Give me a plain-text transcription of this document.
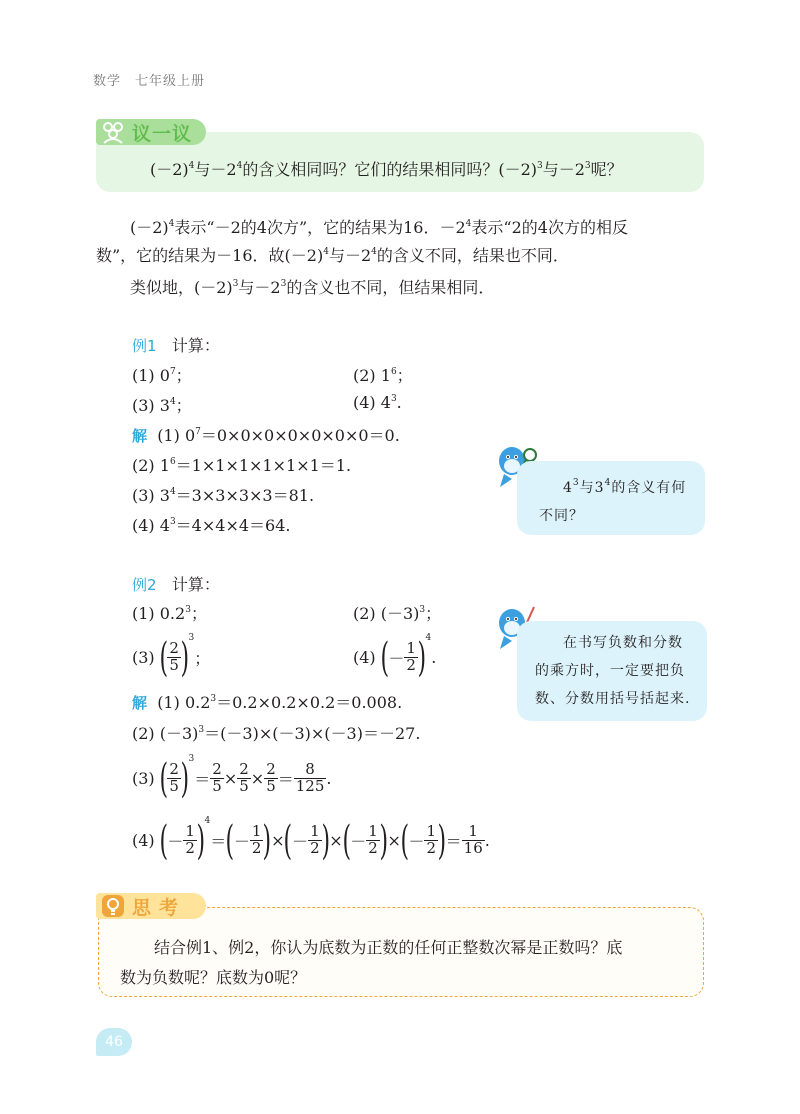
数学　七年级上册
议一议
$(-2)^4$与$-2^4$的含义相同吗？它们的结果相同吗？$(-2)^3$与$-2^3$呢？
$(-2)^4$表示“－2的4次方”，它的结果为16．$-2^4$表示“2的4次方的相反
数”，它的结果为－16．故$(-2)^4$与$-2^4$的含义不同，结果也不同．
类似地，$(-2)^3$与$-2^3$的含义也不同，但结果相同．
例1 计算：
(1) $0^7$；	(2) $1^6$；
(3) $3^4$；	(4) $4^3$.
解 (1) $0^7=0\times 0\times 0\times 0\times 0\times 0\times 0=0$.
(2) $1^6=1\times 1\times 1\times 1\times 1\times 1=1$.
(3) $3^4=3\times 3\times 3\times 3=81$.
(4) $4^3=4\times 4\times 4=64$.
$4^3$与$3^4$的含义有何
不同？
例2 计算：
(1) $0.2^3$；	(2) $(-3)^3$；
(3) ( $\frac{2}{5} )^3$；	(4) (－ $\frac{1}{2} )^4$.
解 (1) $0.2^3=0.2\times 0.2\times 0.2=0.008$.
(2) $(-3)^3=(-3)\times(-3)\times(-3)=-27$.
(3) ( $\frac{2}{5} )^3= \frac{2}{5} \times \frac{2}{5} \times \frac{2}{5} = \frac{8}{125}$ .
(4) (－ $\frac{1}{2} )^4=(- \frac{1}{2}$ )×(－ $\frac{1}{2}$ )×(－ $\frac{1}{2}$ )×(－ $\frac{1}{2}$ )＝ $\frac{1}{16}$ .
在书写负数和分数的乘方时，一定要把负数、分数用括号括起来.
思考
结合例1、例2，你认为底数为正数的任何正整数次幂是正数吗？底
数为负数呢？底数为0呢？
46
